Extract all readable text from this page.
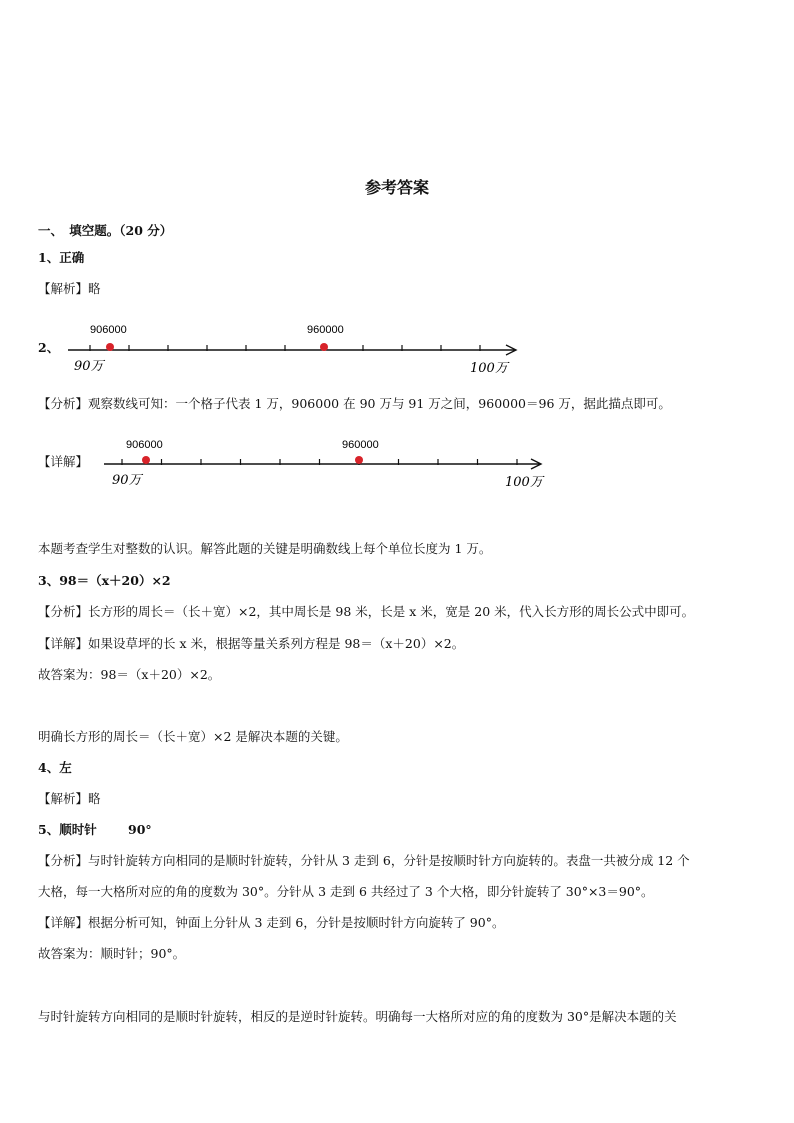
参考答案
一、　填空题。（20 分）
1、正确
【解析】略
2、
906000	960000
90万	100万
【分析】观察数线可知：一个格子代表 1 万，906000 在 90 万与 91 万之间，960000＝96 万，据此描点即可。
【详解】
906000	960000
90万	100万
本题考查学生对整数的认识。解答此题的关键是明确数线上每个单位长度为 1 万。
3、98＝（x＋20）×2
【分析】长方形的周长＝（长＋宽）×2，其中周长是 98 米，长是 x 米，宽是 20 米，代入长方形的周长公式中即可。
【详解】如果设草坪的长 x 米，根据等量关系列方程是 98＝（x＋20）×2。
故答案为：98＝（x＋20）×2。
明确长方形的周长＝（长＋宽）×2 是解决本题的关键。
4、左
【解析】略
5、顺时针	90°
【分析】与时针旋转方向相同的是顺时针旋转，分针从 3 走到 6，分针是按顺时针方向旋转的。表盘一共被分成 12 个
大格，每一大格所对应的角的度数为 30°。分针从 3 走到 6 共经过了 3 个大格，即分针旋转了 30°×3＝90°。
【详解】根据分析可知，钟面上分针从 3 走到 6，分针是按顺时针方向旋转了 90°。
故答案为：顺时针；90°。
与时针旋转方向相同的是顺时针旋转，相反的是逆时针旋转。明确每一大格所对应的角的度数为 30°是解决本题的关
